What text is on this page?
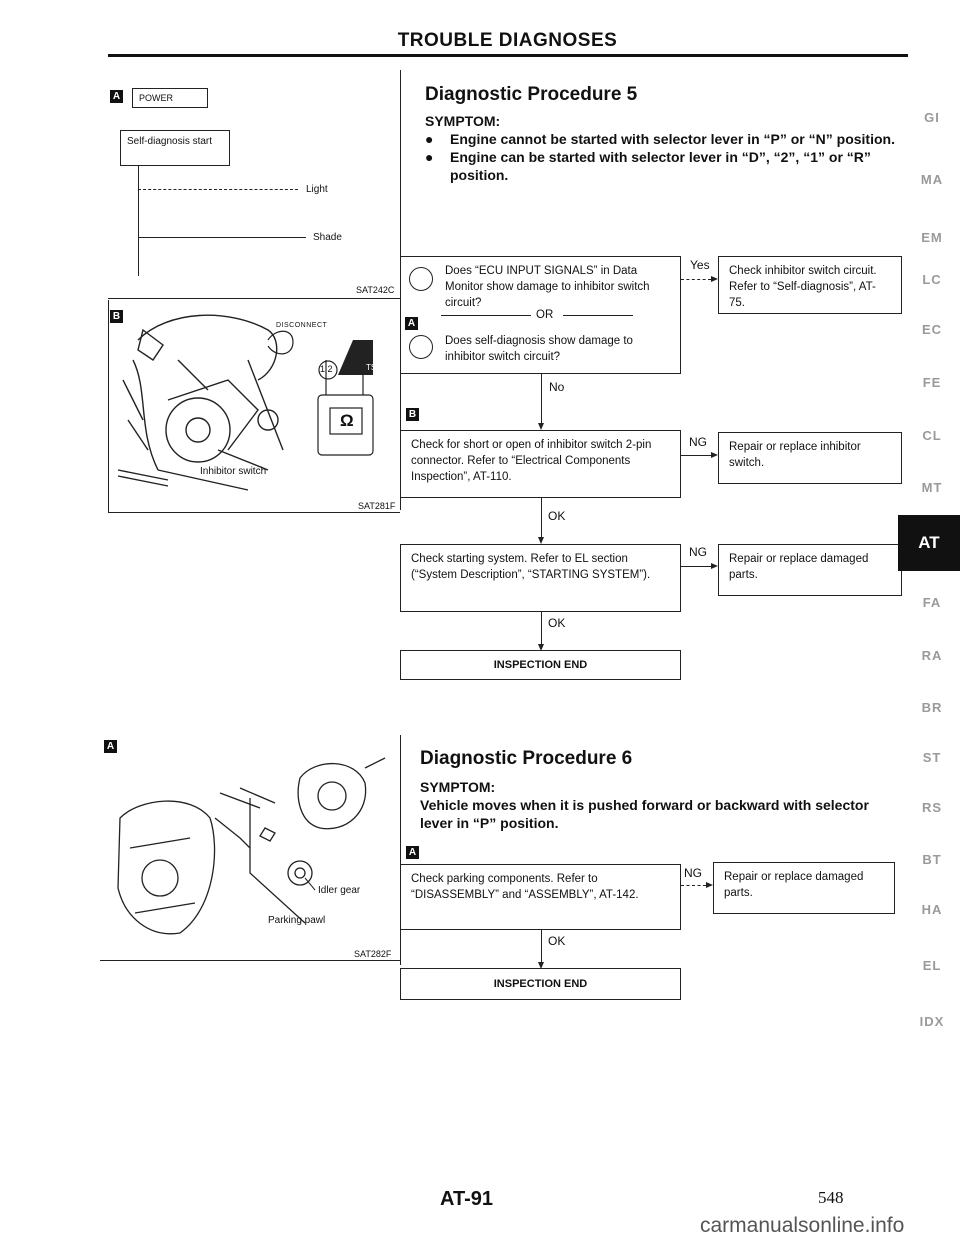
TROUBLE DIAGNOSES
A	POWER
Self-diagnosis start
Light
Shade
SAT242C
B
TS
DISCONNECT
1 2
Ω
Inhibitor switch
SAT281F
A
Idler gear
Parking pawl
SAT282F
Diagnostic Procedure 5
SYMPTOM:
●	Engine cannot be started with selector lever in “P” or “N” position.
●	Engine can be started with selector lever in “D”, “2”, “1” or “R” position.
Does “ECU INPUT SIGNALS” in Data Monitor show damage to inhibitor switch circuit?
OR
A
Does self-diagnosis show damage to inhibitor switch circuit?
Yes	Check inhibitor switch circuit. Refer to “Self-diagnosis”, AT-75.
No
B
Check for short or open of inhibitor switch 2-pin connector. Refer to “Electrical Components Inspection”, AT-110.
NG	Repair or replace inhibitor switch.
OK
Check starting system. Refer to EL section (“System Description”, “STARTING SYSTEM”).
NG	Repair or replace damaged parts.
OK
INSPECTION END
Diagnostic Procedure 6
SYMPTOM:
Vehicle moves when it is pushed forward or backward with selector lever in “P” position.
A
Check parking components. Refer to “DISASSEMBLY” and “ASSEMBLY”, AT-142.
NG	Repair or replace damaged parts.
OK
INSPECTION END
GI
MA
EM
LC
EC
FE
CL
MT
AT
FA
RA
BR
ST
RS
BT
HA
EL
IDX
AT-91	548
carmanualsonline.info
